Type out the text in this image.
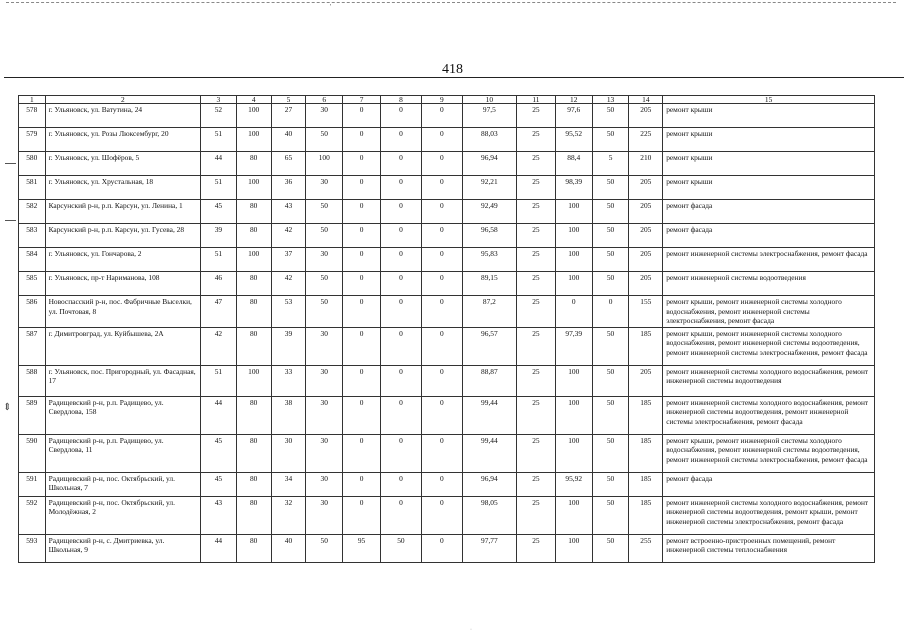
'
418
⇕
1	2	3	4	5	6	7	8	9	10	11	12	13	14	15
578	г. Ульяновск, ул. Ватутина, 24	52	100	27	30	0	0	0	97,5	25	97,6	50	205	ремонт крыши
579	г. Ульяновск, ул. Розы Люксембург, 20	51	100	40	50	0	0	0	88,03	25	95,52	50	225	ремонт крыши
580	г. Ульяновск, ул. Шофёров, 5	44	80	65	100	0	0	0	96,94	25	88,4	5	210	ремонт крыши
581	г. Ульяновск, ул. Хрустальная, 18	51	100	36	30	0	0	0	92,21	25	98,39	50	205	ремонт крыши
582	Карсунский р-н, р.п. Карсун, ул. Ленина, 1	45	80	43	50	0	0	0	92,49	25	100	50	205	ремонт фасада
583	Карсунский р-н, р.п. Карсун, ул. Гусева, 28	39	80	42	50	0	0	0	96,58	25	100	50	205	ремонт фасада
584	г. Ульяновск, ул. Гончарова, 2	51	100	37	30	0	0	0	95,83	25	100	50	205	ремонт инженерной системы электроснабжения, ремонт фасада
585	г. Ульяновск, пр-т Нариманова, 108	46	80	42	50	0	0	0	89,15	25	100	50	205	ремонт инженерной системы водоотведения
586	Новоспасский р-н, пос. Фабричные Выселки, ул. Почтовая, 8	47	80	53	50	0	0	0	87,2	25	0	0	155	ремонт крыши, ремонт инженерной системы холодного водоснабжения, ремонт инженерной системы электроснабжения, ремонт фасада
587	г. Димитровград, ул. Куйбышева, 2А	42	80	39	30	0	0	0	96,57	25	97,39	50	185	ремонт крыши, ремонт инженерной системы холодного водоснабжения, ремонт инженерной системы водоотведения, ремонт инженерной системы электроснабжения, ремонт фасада
588	г. Ульяновск, пос. Пригородный, ул. Фасадная, 17	51	100	33	30	0	0	0	88,87	25	100	50	205	ремонт инженерной системы холодного водоснабжения, ремонт инженерной системы водоотведения
589	Радищевский р-н, р.п. Радищево, ул. Свердлова, 158	44	80	38	30	0	0	0	99,44	25	100	50	185	ремонт инженерной системы холодного водоснабжения, ремонт инженерной системы водоотведения, ремонт инженерной системы электроснабжения, ремонт фасада
590	Радищевский р-н, р.п. Радищево, ул. Свердлова, 11	45	80	30	30	0	0	0	99,44	25	100	50	185	ремонт крыши, ремонт инженерной системы холодного водоснабжения, ремонт инженерной системы водоотведения, ремонт инженерной системы электроснабжения, ремонт фасада
591	Радищевский р-н, пос. Октябрьский, ул. Школьная, 7	45	80	34	30	0	0	0	96,94	25	95,92	50	185	ремонт фасада
592	Радищевский р-н, пос. Октябрьский, ул. Молодёжная, 2	43	80	32	30	0	0	0	98,05	25	100	50	185	ремонт инженерной системы холодного водоснабжения, ремонт инженерной системы водоотведения, ремонт крыши, ремонт инженерной системы электроснабжения, ремонт фасада
593	Радищевский р-н, с. Дмитриевка, ул. Школьная, 9	44	80	40	50	95	50	0	97,77	25	100	50	255	ремонт встроенно-пристроенных помещений, ремонт инженерной системы теплоснабжения
·
